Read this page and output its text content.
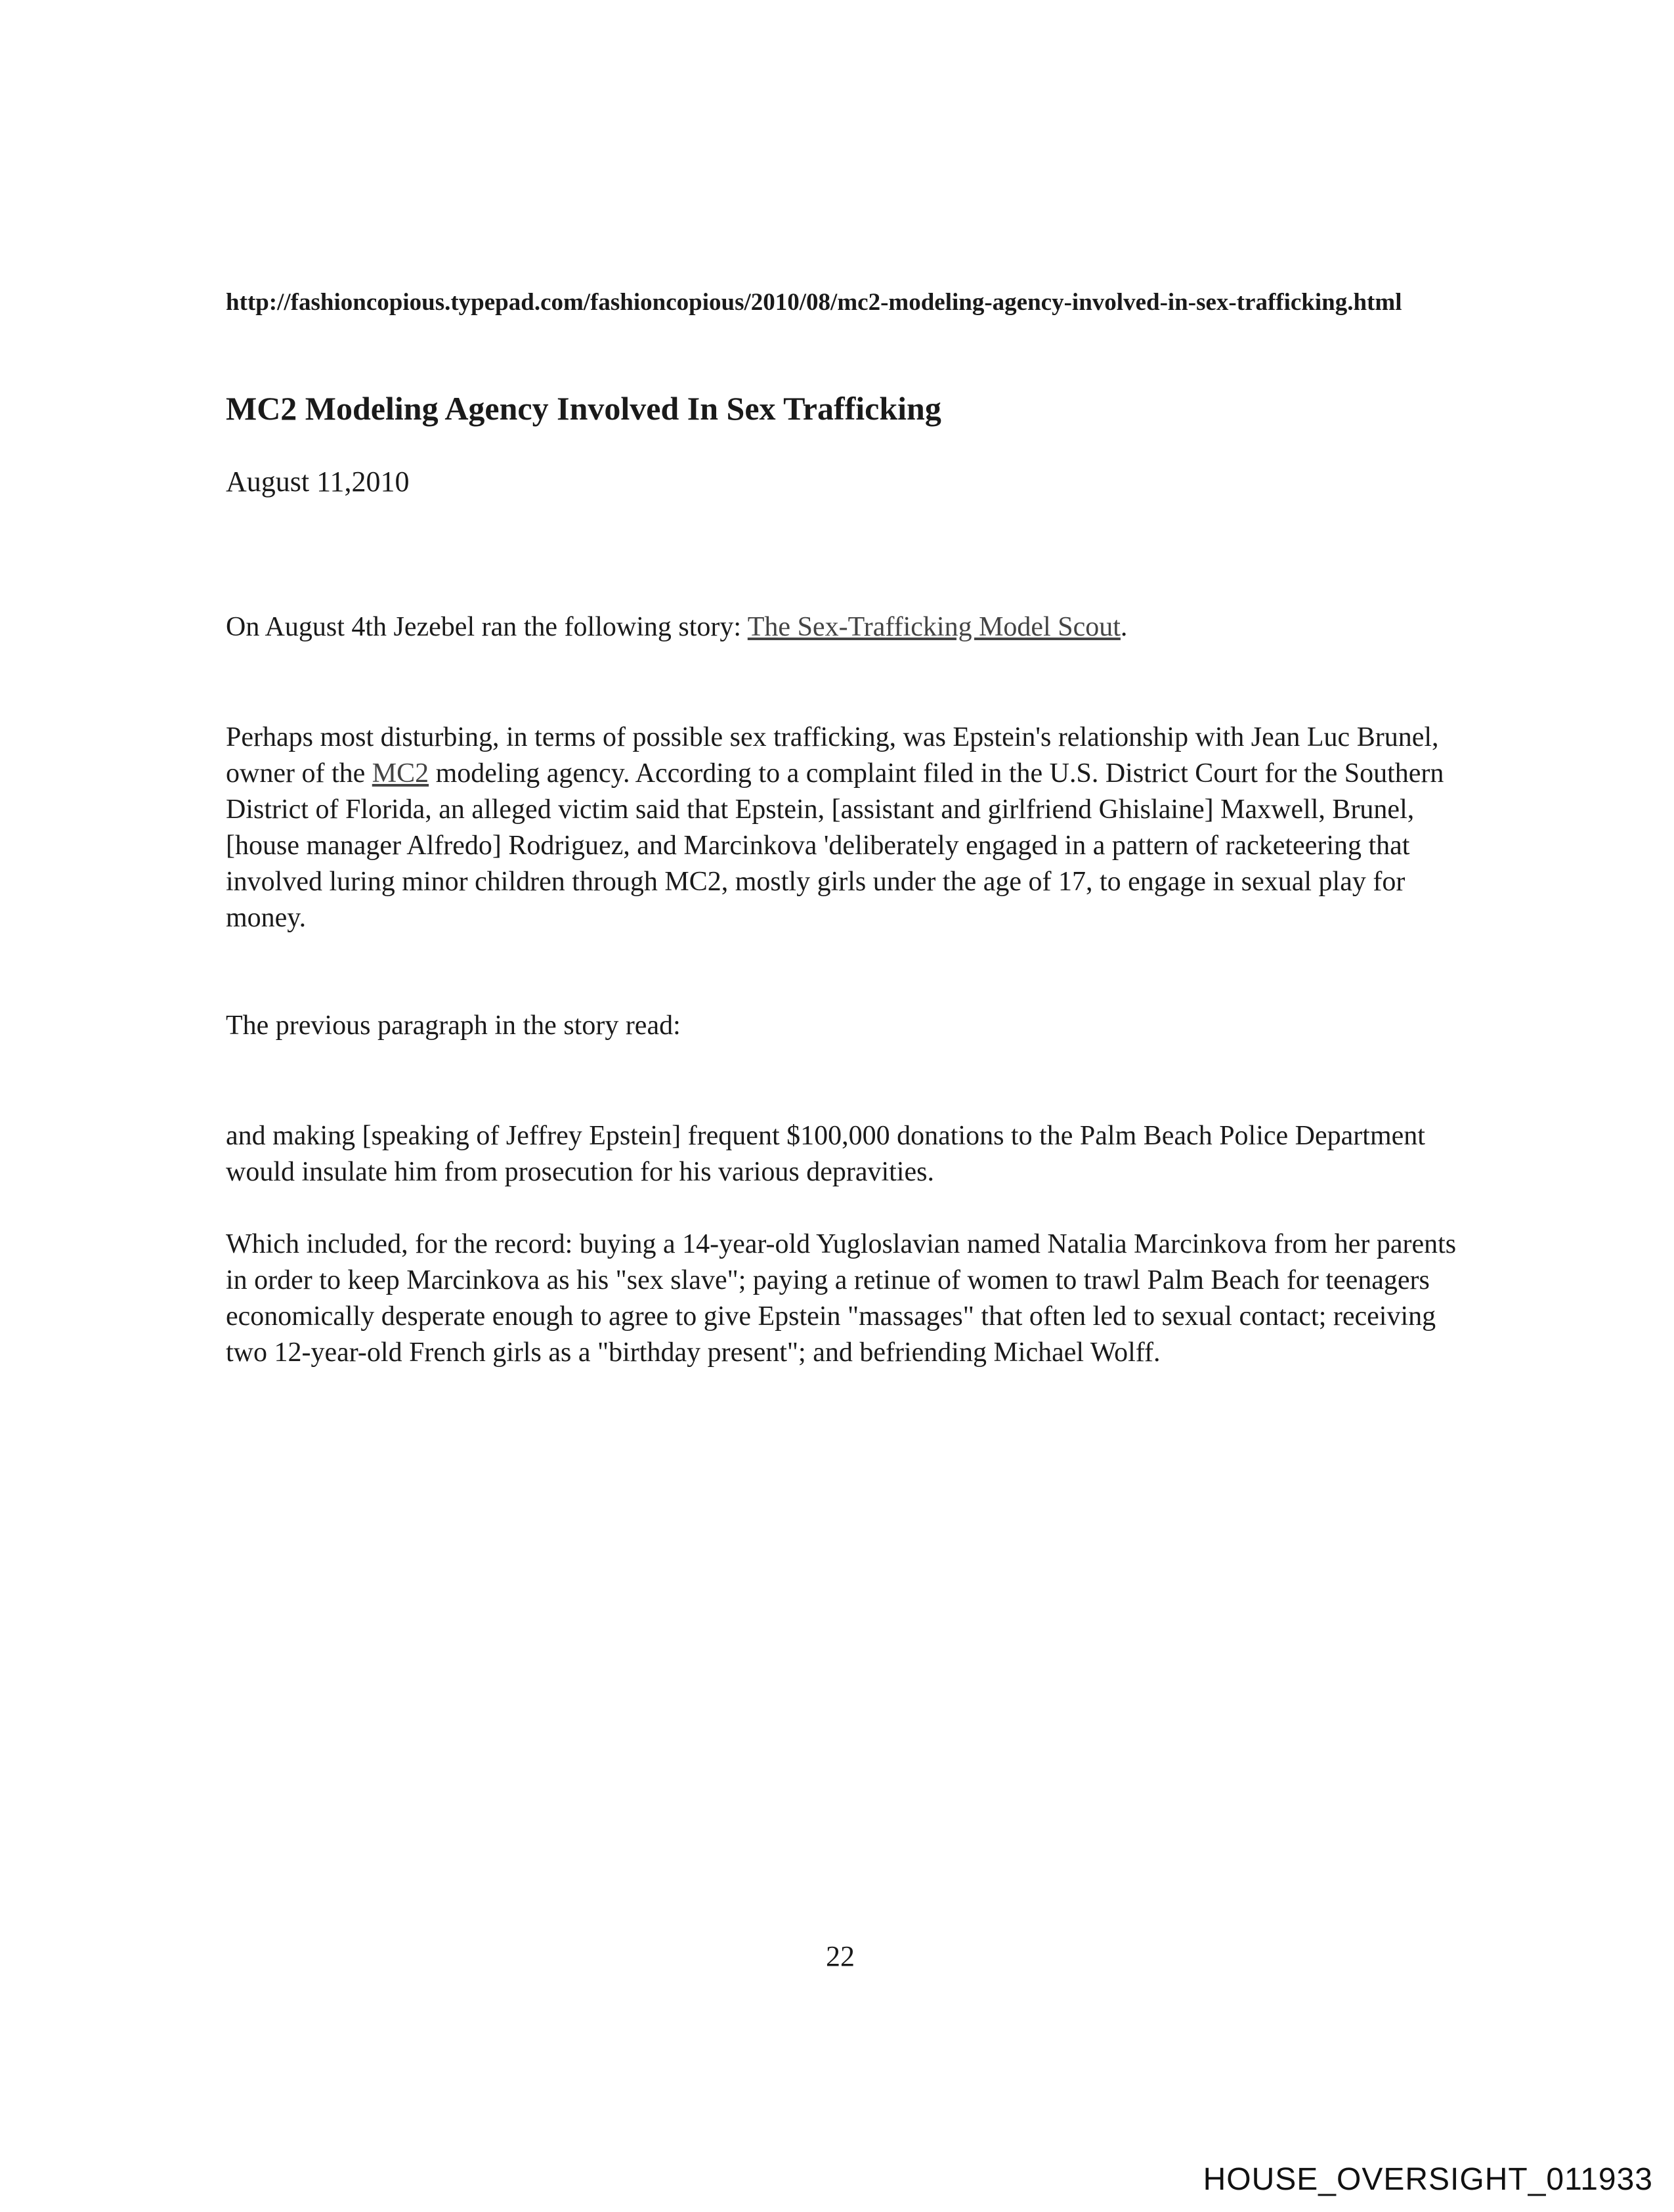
http://fashioncopious.typepad.com/fashioncopious/2010/08/mc2-modeling-agency-involved-in-sex-trafficking.html
MC2 Modeling Agency Involved In Sex Trafficking
August 11,2010
On August 4th Jezebel ran the following story: The Sex-Trafficking Model Scout.
Perhaps most disturbing, in terms of possible sex trafficking, was Epstein's relationship with Jean Luc Brunel, owner of the MC2 modeling agency. According to a complaint filed in the U.S. District Court for the Southern District of Florida, an alleged victim said that Epstein, [assistant and girlfriend Ghislaine] Maxwell, Brunel, [house manager Alfredo] Rodriguez, and Marcinkova 'deliberately engaged in a pattern of racketeering that involved luring minor children through MC2, mostly girls under the age of 17, to engage in sexual play for money.
The previous paragraph in the story read:
and making [speaking of Jeffrey Epstein] frequent $100,000 donations to the Palm Beach Police Department would insulate him from prosecution for his various depravities.
Which included, for the record: buying a 14-year-old Yugloslavian named Natalia Marcinkova from her parents in order to keep Marcinkova as his "sex slave"; paying a retinue of women to trawl Palm Beach for teenagers economically desperate enough to agree to give Epstein "massages" that often led to sexual contact; receiving two 12-year-old French girls as a "birthday present"; and befriending Michael Wolff.
22
HOUSE_OVERSIGHT_011933
